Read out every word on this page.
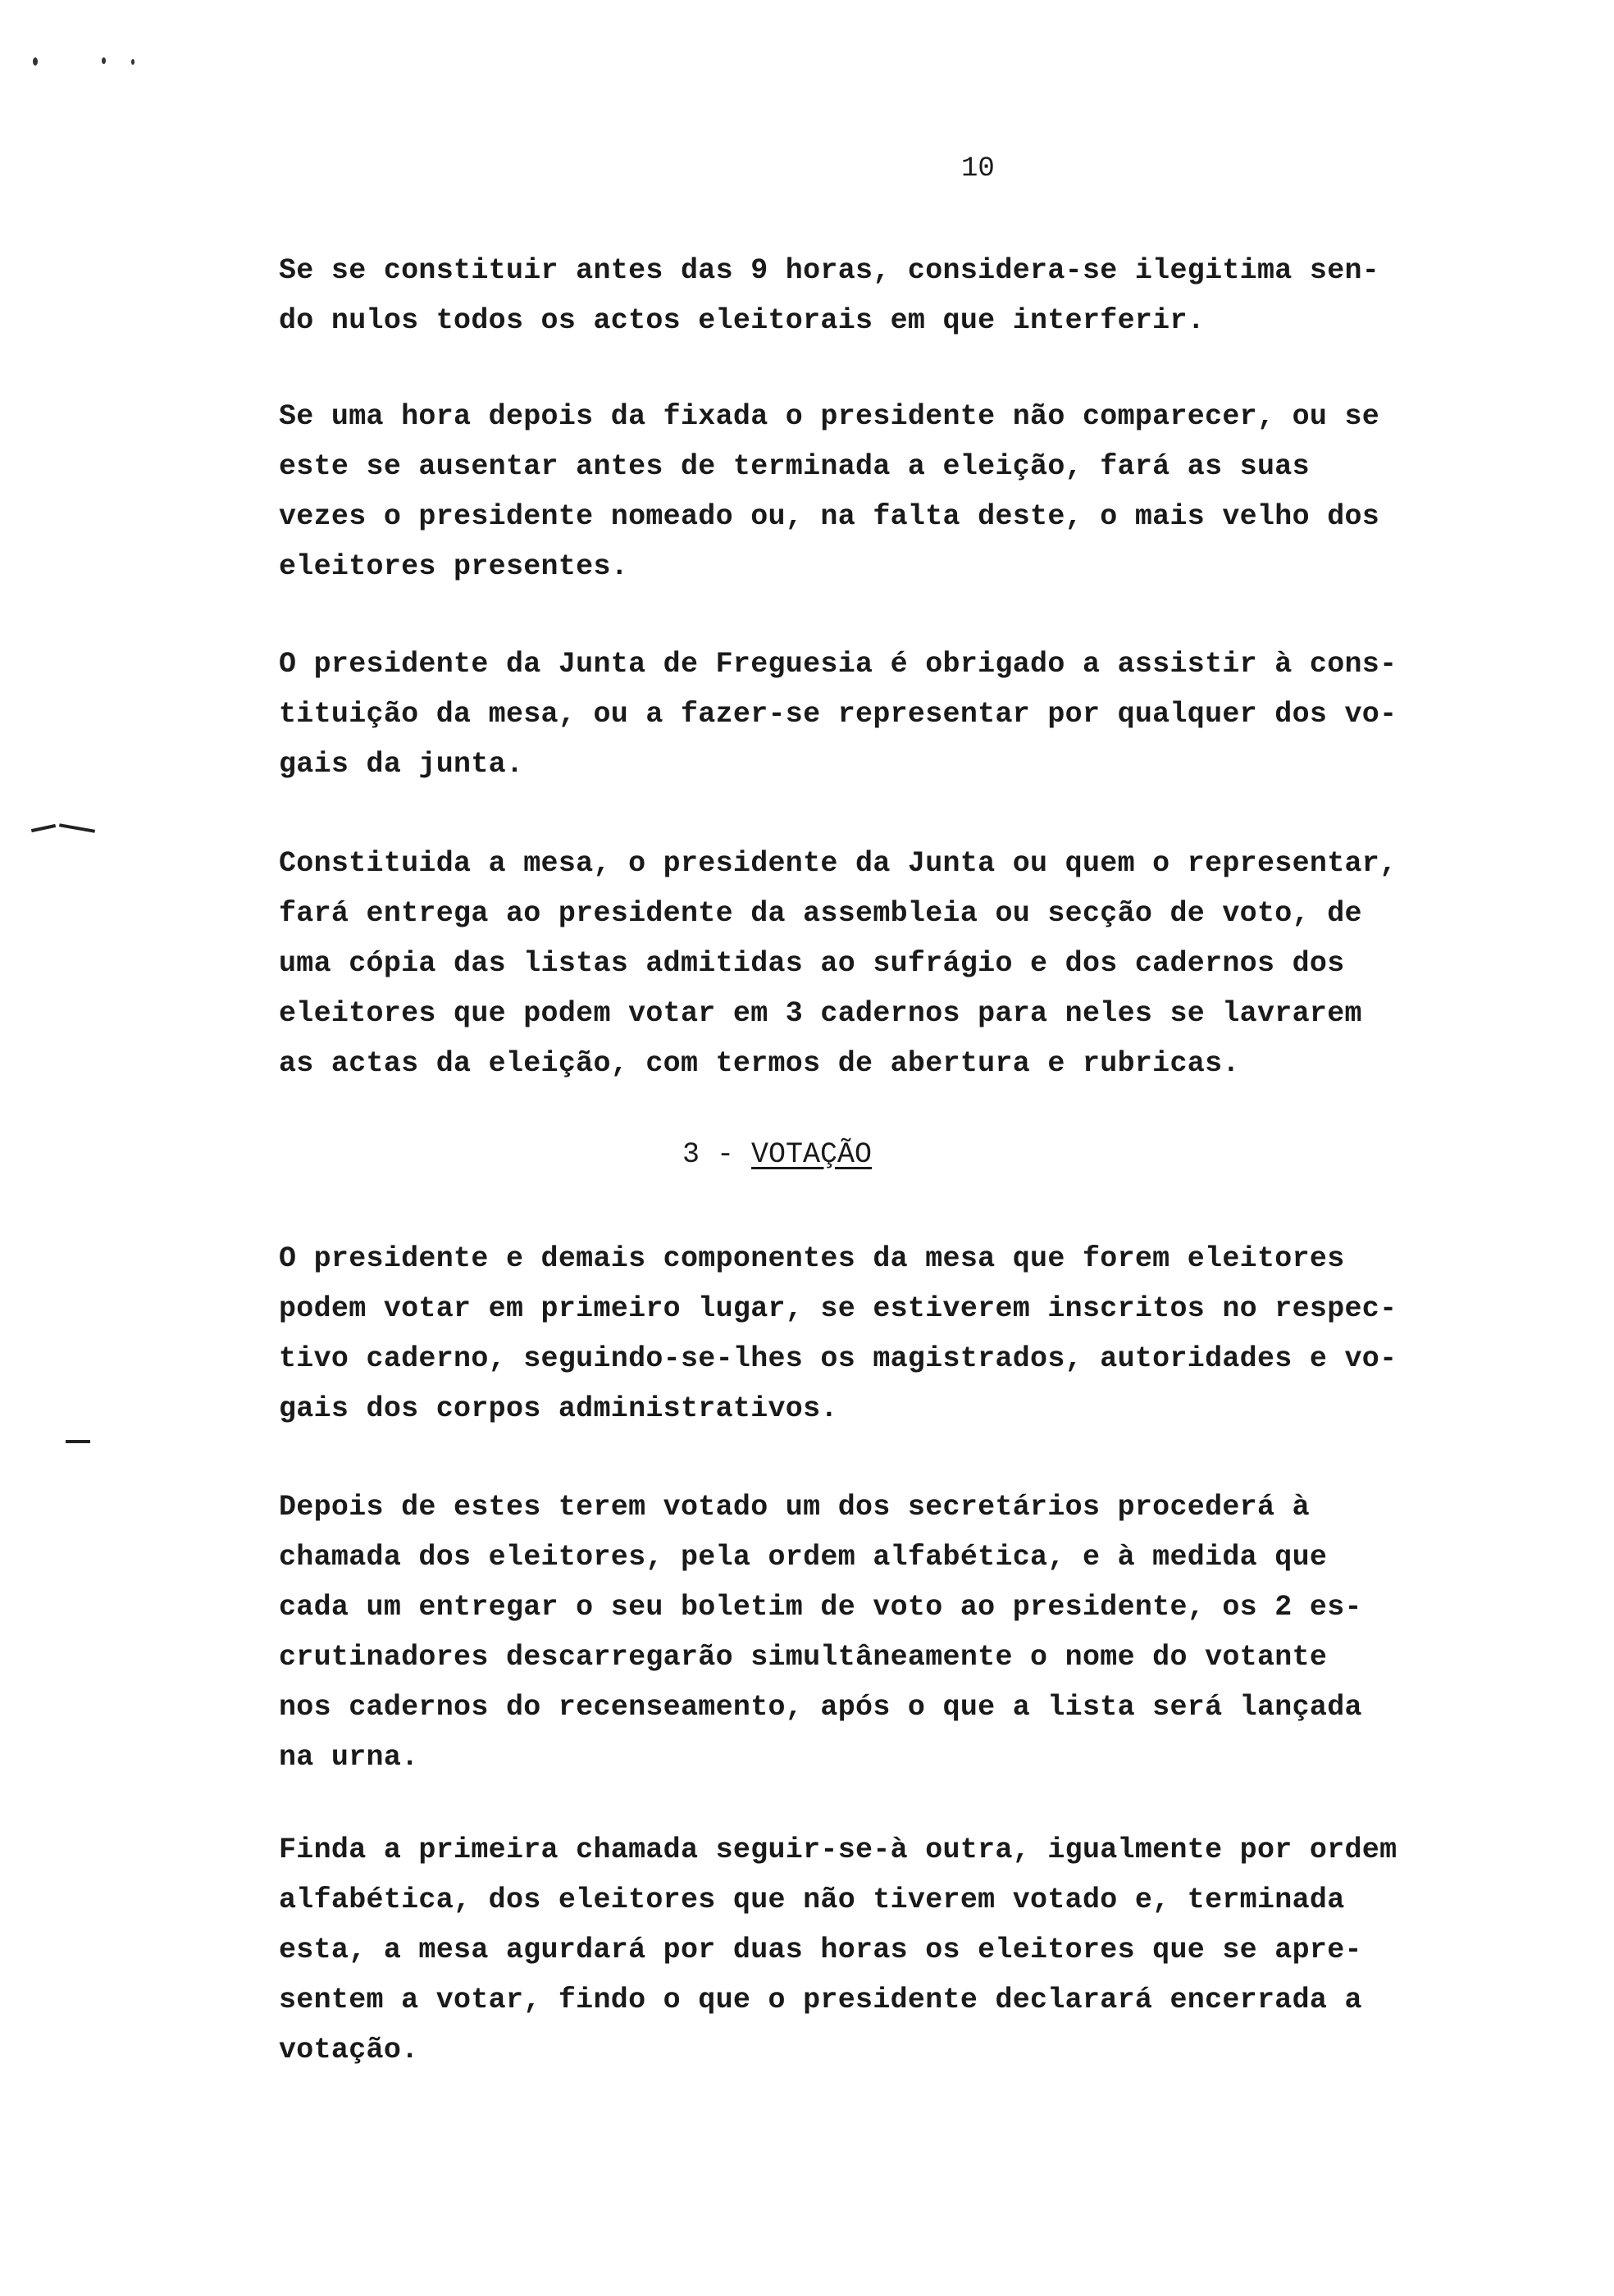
10
Se se constituir antes das 9 horas, considera-se ilegitima sen-
do nulos todos os actos eleitorais em que interferir.
Se uma hora depois da fixada o presidente não comparecer, ou se
este se ausentar antes de terminada a eleição, fará as suas
vezes o presidente nomeado ou, na falta deste, o mais velho dos
eleitores presentes.
O presidente da Junta de Freguesia é obrigado a assistir à cons-
tituição da mesa, ou a fazer-se representar por qualquer dos vo-
gais da junta.
Constituida a mesa, o presidente da Junta ou quem o representar,
fará entrega ao presidente da assembleia ou secção de voto, de
uma cópia das listas admitidas ao sufrágio e dos cadernos dos
eleitores que podem votar em 3 cadernos para neles se lavrarem
as actas da eleição, com termos de abertura e rubricas.
3 - VOTAÇÃO
O presidente e demais componentes da mesa que forem eleitores
podem votar em primeiro lugar, se estiverem inscritos no respec-
tivo caderno, seguindo-se-lhes os magistrados, autoridades e vo-
gais dos corpos administrativos.
Depois de estes terem votado um dos secretários procederá à
chamada dos eleitores, pela ordem alfabética, e à medida que
cada um entregar o seu boletim de voto ao presidente, os 2 es-
crutinadores descarregarão simultâneamente o nome do votante
nos cadernos do recenseamento, após o que a lista será lançada
na urna.
Finda a primeira chamada seguir-se-à outra, igualmente por ordem
alfabética, dos eleitores que não tiverem votado e, terminada
esta, a mesa agurdará por duas horas os eleitores que se apre-
sentem a votar, findo o que o presidente declarará encerrada a
votação.
